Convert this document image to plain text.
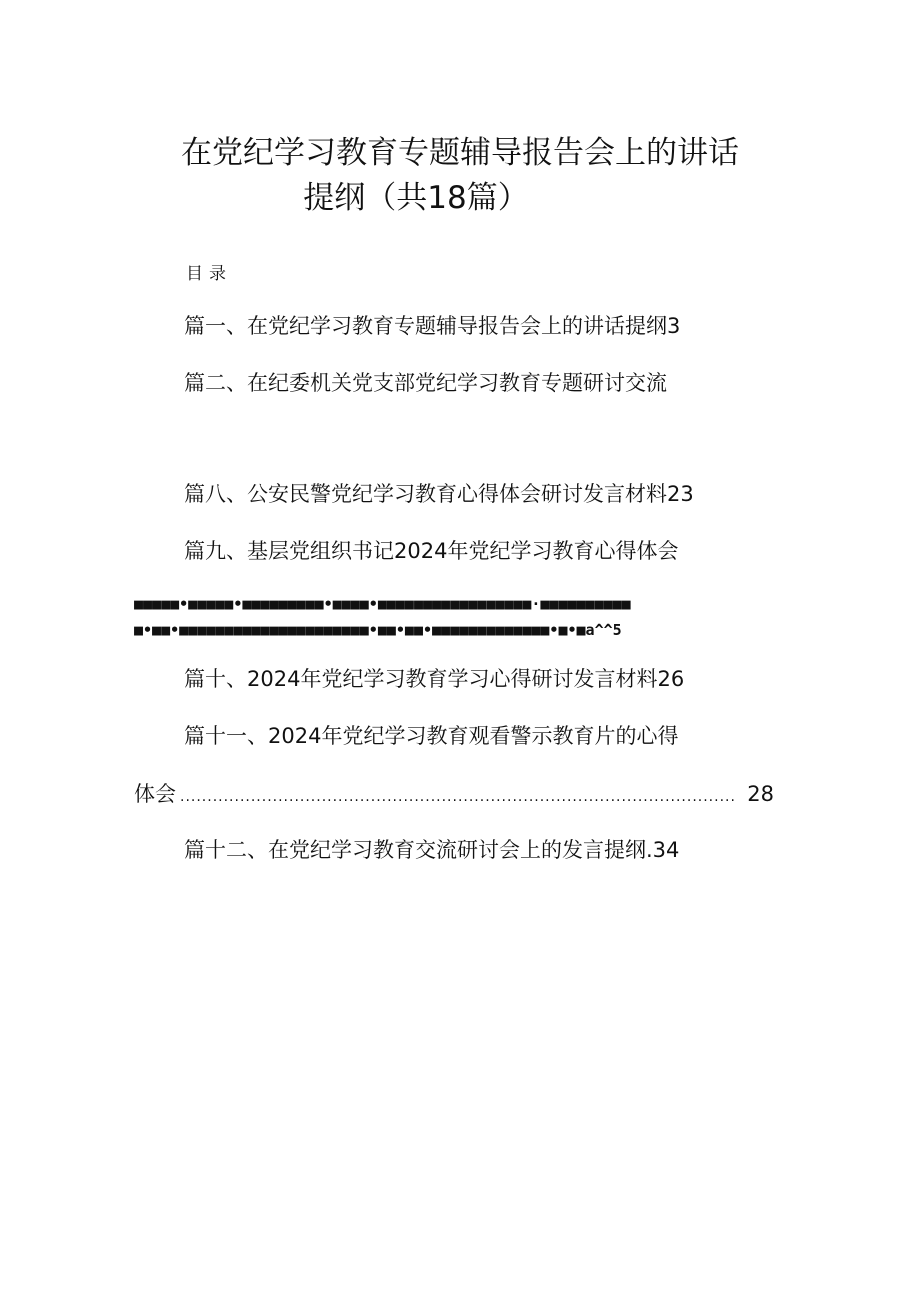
在党纪学习教育专题辅导报告会上的讲话
提纲（共18篇）
目录
篇一、在党纪学习教育专题辅导报告会上的讲话提纲3
篇二、在纪委机关党支部党纪学习教育专题研讨交流
篇八、公安民警党纪学习教育心得体会研讨发言材料23
篇九、基层党组织书记2024年党纪学习教育心得体会
■■■■■•■■■■■•■■■■■■■■■•■■■■•■■■■■■■■■■■■■■■■■·■■■■■■■■■■
■•■■•■■■■■■■■■■■■■■■■■■■■■•■■•■■•■■■■■■■■■■■■■•■•■a^^5
篇十、2024年党纪学习教育学习心得研讨发言材料26
篇十一、2024年党纪学习教育观看警示教育片的心得
体会 ...................................................................................................... 28
篇十二、在党纪学习教育交流研讨会上的发言提纲.34
